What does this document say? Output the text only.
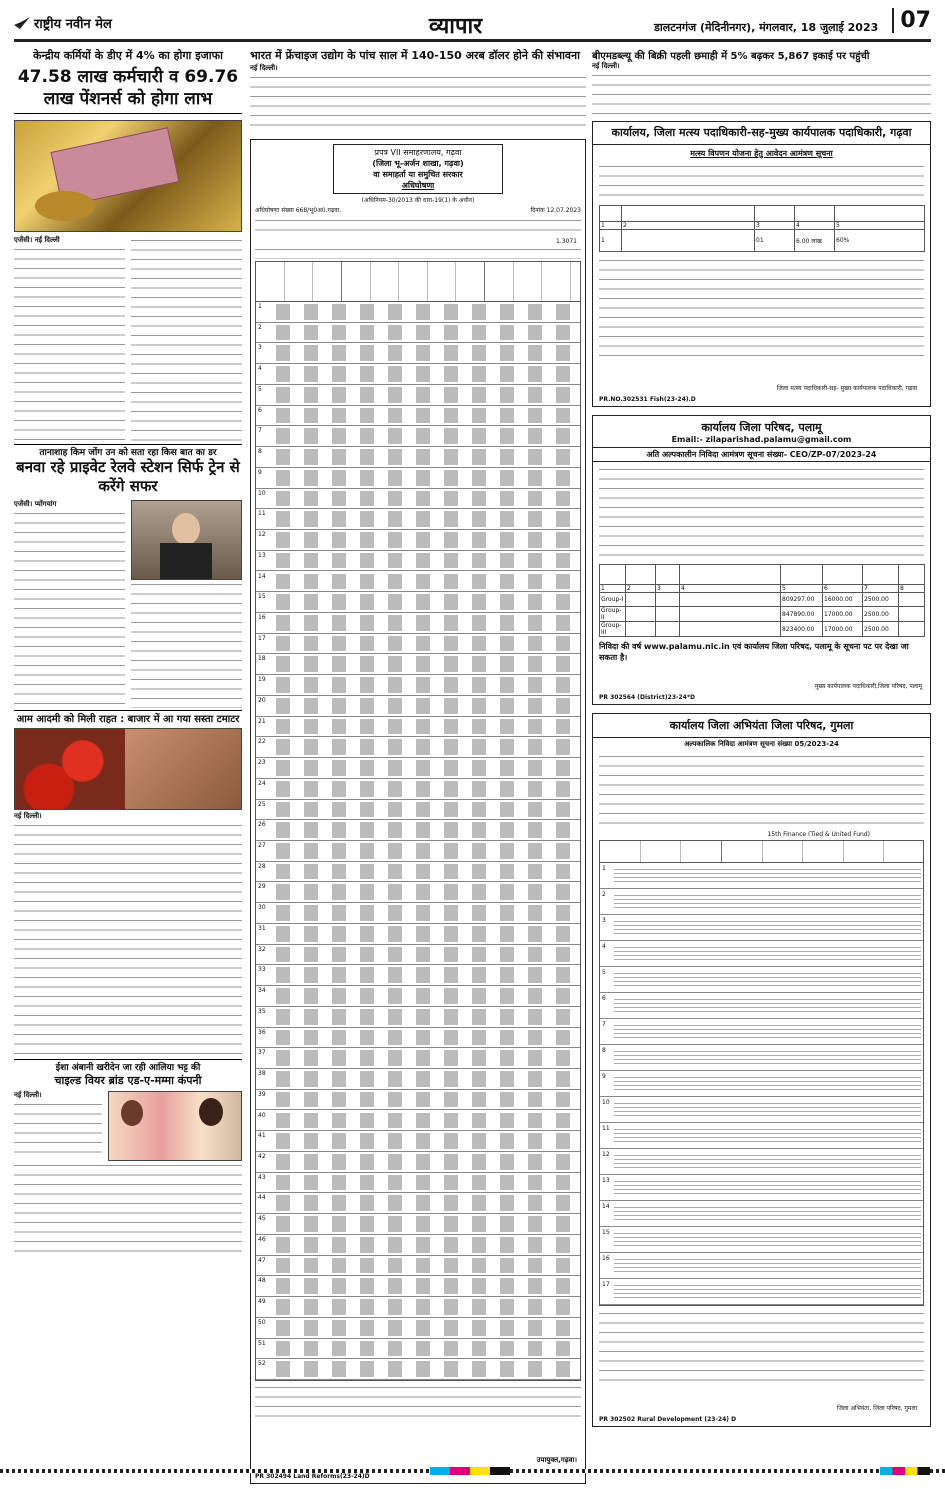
राष्ट्रीय नवीन मेल	व्यापार	डालटनगंज (मेदिनीनगर), मंगलवार, 18 जुलाई 2023	07
केन्द्रीय कर्मियों के डीए में 4% का होगा इजाफा
47.58 लाख कर्मचारी व 69.76 लाख पेंशनर्स को होगा लाभ
एजेंसी। नई दिल्ली
तानाशाह किम जोंग उन को सता रहा किस बात का डर
बनवा रहे प्राइवेट रेलवे स्टेशन सिर्फ ट्रेन से करेंगे सफर
एजेंसी। प्योंगयांग
आम आदमी को मिली राहत : बाजार में आ गया सस्ता टमाटर
नई दिल्ली।
ईशा अंबानी खरीदेन जा रही आलिया भट्ट की
चाइल्ड वियर ब्रांड एड-ए-मम्मा कंपनी
नई दिल्ली।
भारत में फ्रेंचाइज उद्योग के पांच साल में 140-150 अरब डॉलर होने की संभावना
नई दिल्ली।
प्रपत्र VII समाहरणालय, गढ़वा
(जिला भू-अर्जन शाखा, गढ़वा)
वा समाहर्ता या समुचित सरकार
अधिघोषणा
(अधिनियम-30/2013 की धारा-19(1) के अधीन)
अधिघोषणा संख्या 668/भू0अ0,गढ़वा,	दिनांक 12.07.2023
1.3071
1
2
3
4
5
6
7
8
9
10
11
12
13
14
15
16
17
18
19
20
21
22
23
24
25
26
27
28
29
30
31
32
33
34
35
36
37
38
39
40
41
42
43
44
45
46
47
48
49
50
51
52
उपायुक्त,गढ़वा।
PR 302494 Land Reforms(23-24)D
बीएमडब्ल्यू की बिक्री पहली छमाही में 5% बढ़कर 5,867 इकाई पर पहुंची
नई दिल्ली।
कार्यालय, जिला मत्स्य पदाधिकारी-सह-मुख्य कार्यपालक पदाधिकारी, गढ़वा
मत्स्य विपणन योजना हेतु आवेदन आमंत्रण सूचना

1	2	3	4	5
1		01	6.00 लाख	60%
जिला मत्स्य पदाधिकारी-सह- मुख्य कार्यपालक पदाधिकारी, गढ़वा
PR.NO.302531 Fish(23-24).D
कार्यालय जिला परिषद, पलामू
Email:- zilaparishad.palamu@gmail.com
अति अल्पकालीन निविदा आमंत्रण सूचना संख्या- CEO/ZP-07/2023-24

1	2	3	4	5	6	7	8
Group-I				809297.00	16000.00	2500.00	
Group-II				847890.00	17000.00	2500.00	
Group-III				823400.00	17000.00	2500.00	
निविदा की वर्ष www.palamu.nic.in एवं कार्यालय जिला परिषद, पलामू के सूचना पट पर देखा जा सकता है।
मुख्य कार्यपालक पदाधिकारी,जिला परिषद, पलामू
PR 302564 (District)23-24*D
कार्यालय जिला अभियंता जिला परिषद, गुमला
अल्पकालिक निविदा आमंत्रण सूचना संख्या 05/2023-24
15th Finance (Tied & United Fund)
1
2
3
4
5
6
7
8
9
10
11
12
13
14
15
16
17
जिला अभियंता, जिला परिषद, गुमला
PR 302502 Rural Development (23-24) D
